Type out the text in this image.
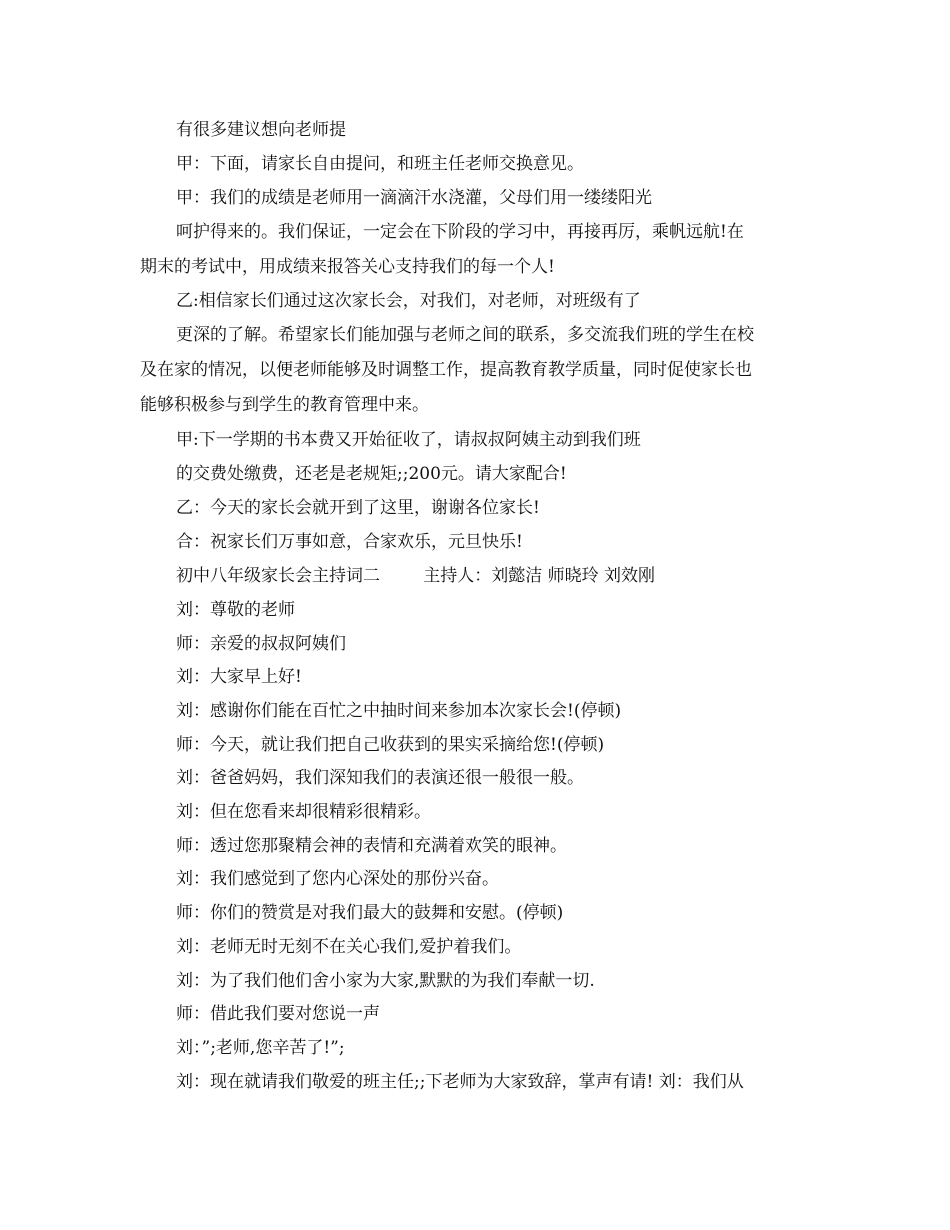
有很多建议想向老师提
甲：下面，请家长自由提问，和班主任老师交换意见。
甲：我们的成绩是老师用一滴滴汗水浇灌，父母们用一缕缕阳光
呵护得来的。我们保证，一定会在下阶段的学习中，再接再厉，乘帆远航!在
期末的考试中，用成绩来报答关心支持我们的每一个人!
乙:相信家长们通过这次家长会，对我们，对老师，对班级有了
更深的了解。希望家长们能加强与老师之间的联系，多交流我们班的学生在校
及在家的情况，以便老师能够及时调整工作，提高教育教学质量，同时促使家长也
能够积极参与到学生的教育管理中来。
甲:下一学期的书本费又开始征收了，请叔叔阿姨主动到我们班
的交费处缴费，还老是老规矩;;200元。请大家配合!
乙：今天的家长会就开到了这里，谢谢各位家长!
合：祝家长们万事如意，合家欢乐，元旦快乐!
初中八年级家长会主持词二        主持人：刘懿洁 师晓玲 刘效刚
刘：尊敬的老师
师：亲爱的叔叔阿姨们
刘：大家早上好!
刘：感谢你们能在百忙之中抽时间来参加本次家长会!(停顿)
师：今天，就让我们把自己收获到的果实采摘给您!(停顿)
刘：爸爸妈妈，我们深知我们的表演还很一般很一般。
刘：但在您看来却很精彩很精彩。
师：透过您那聚精会神的表情和充满着欢笑的眼神。
刘：我们感觉到了您内心深处的那份兴奋。
师：你们的赞赏是对我们最大的鼓舞和安慰。(停顿)
刘：老师无时无刻不在关心我们,爱护着我们。
刘：为了我们他们舍小家为大家,默默的为我们奉献一切.
师：借此我们要对您说一声
刘：”;老师,您辛苦了!”;
刘：现在就请我们敬爱的班主任;;下老师为大家致辞，掌声有请! 刘：我们从
